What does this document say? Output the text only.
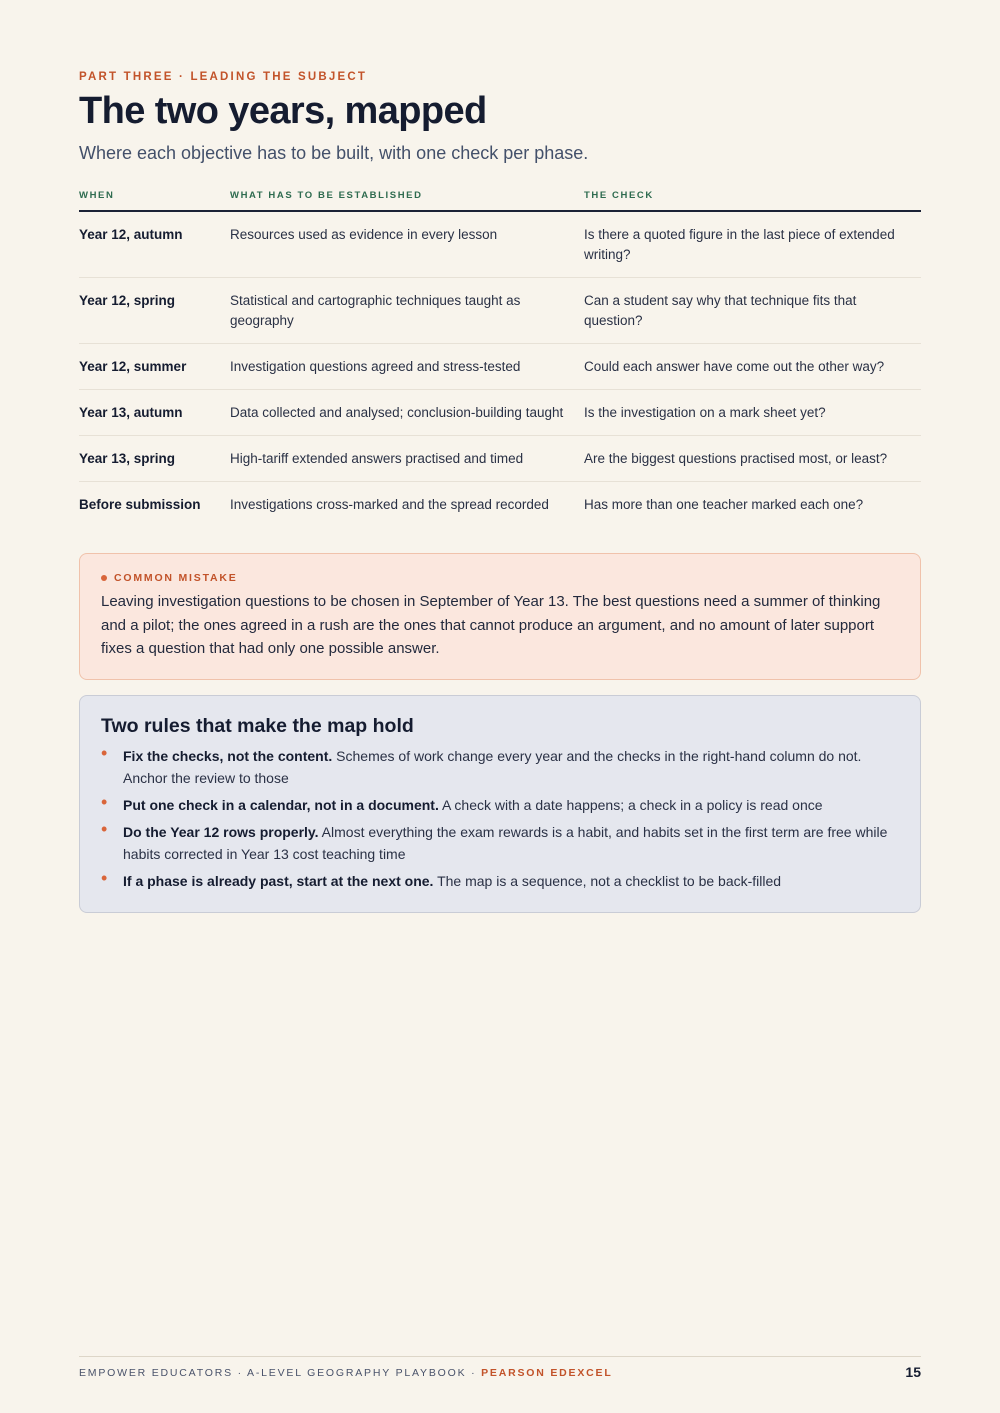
PART THREE · LEADING THE SUBJECT
The two years, mapped
Where each objective has to be built, with one check per phase.
WHEN	WHAT HAS TO BE ESTABLISHED	THE CHECK
Year 12, autumn	Resources used as evidence in every lesson	Is there a quoted figure in the last piece of extended writing?
Year 12, spring	Statistical and cartographic techniques taught as geography	Can a student say why that technique fits that question?
Year 12, summer	Investigation questions agreed and stress-tested	Could each answer have come out the other way?
Year 13, autumn	Data collected and analysed; conclusion-building taught	Is the investigation on a mark sheet yet?
Year 13, spring	High-tariff extended answers practised and timed	Are the biggest questions practised most, or least?
Before submission	Investigations cross-marked and the spread recorded	Has more than one teacher marked each one?
COMMON MISTAKE

Leaving investigation questions to be chosen in September of Year 13. The best questions need a summer of thinking and a pilot; the ones agreed in a rush are the ones that cannot produce an argument, and no amount of later support fixes a question that had only one possible answer.

Two rules that make the map hold
• Fix the checks, not the content. Schemes of work change every year and the checks in the right-hand column do not. Anchor the review to those
• Put one check in a calendar, not in a document. A check with a date happens; a check in a policy is read once
• Do the Year 12 rows properly. Almost everything the exam rewards is a habit, and habits set in the first term are free while habits corrected in Year 13 cost teaching time
• If a phase is already past, start at the next one. The map is a sequence, not a checklist to be back-filled
EMPOWER EDUCATORS · A-LEVEL GEOGRAPHY PLAYBOOK · PEARSON EDEXCEL	15
